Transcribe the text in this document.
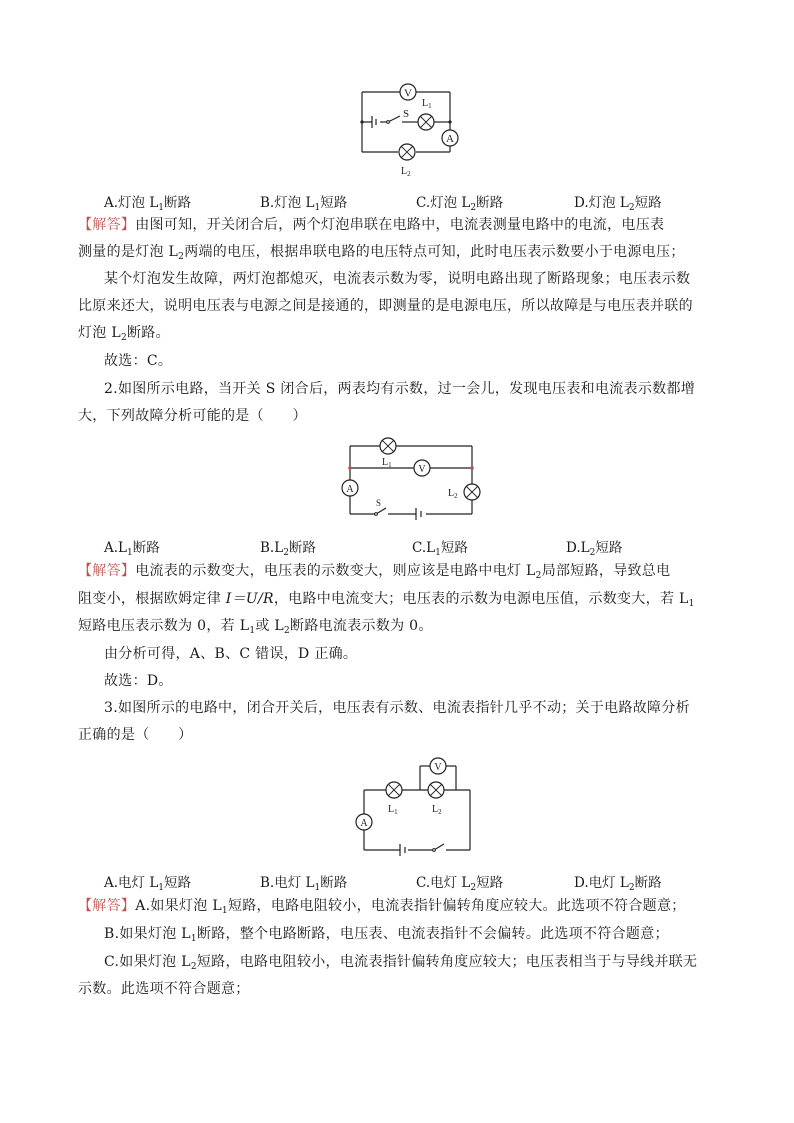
V
A
S
$L_1$
$L_2$
A.灯泡 $L_1$断路	B.灯泡 $L_1$短路	C.灯泡 $L_2$断路	D.灯泡 $L_2$短路
【解答】由图可知，开关闭合后，两个灯泡串联在电路中，电流表测量电路中的电流，电压表
测量的是灯泡 $L_2$两端的电压，根据串联电路的电压特点可知，此时电压表示数要小于电源电压；
某个灯泡发生故障，两灯泡都熄灭，电流表示数为零，说明电路出现了断路现象；电压表示数
比原来还大，说明电压表与电源之间是接通的，即测量的是电源电压，所以故障是与电压表并联的
灯泡 $L_2$断路。
故选：C。
2.如图所示电路，当开关 S 闭合后，两表均有示数，过一会儿，发现电压表和电流表示数都增
大，下列故障分析可能的是（　　）
V
A
$L_1$
$L_2$
S
$A.L_1$断路	$B.L_2$断路	$C.L_1$短路	$D.L_2$短路
【解答】电流表的示数变大，电压表的示数变大，则应该是电路中电灯 $L_2$局部短路，导致总电
阻变小，根据欧姆定律 I＝U/R，电路中电流变大；电压表的示数为电源电压值，示数变大，若 $L_1$
短路电压表示数为 0，若 $L_1$或 $L_2$断路电流表示数为 0。
由分析可得，A、B、C 错误，D 正确。
故选：D。
3.如图所示的电路中，闭合开关后，电压表有示数、电流表指针几乎不动；关于电路故障分析
正确的是（　　）
V
A
$L_1$	$L_2$
A.电灯 $L_1$短路	B.电灯 $L_1$断路	C.电灯 $L_2$短路	D.电灯 $L_2$断路
【解答】A.如果灯泡 $L_1$短路，电路电阻较小，电流表指针偏转角度应较大。此选项不符合题意；
B.如果灯泡 $L_1$断路，整个电路断路，电压表、电流表指针不会偏转。此选项不符合题意；
C.如果灯泡 $L_2$短路，电路电阻较小，电流表指针偏转角度应较大；电压表相当于与导线并联无
示数。此选项不符合题意；
